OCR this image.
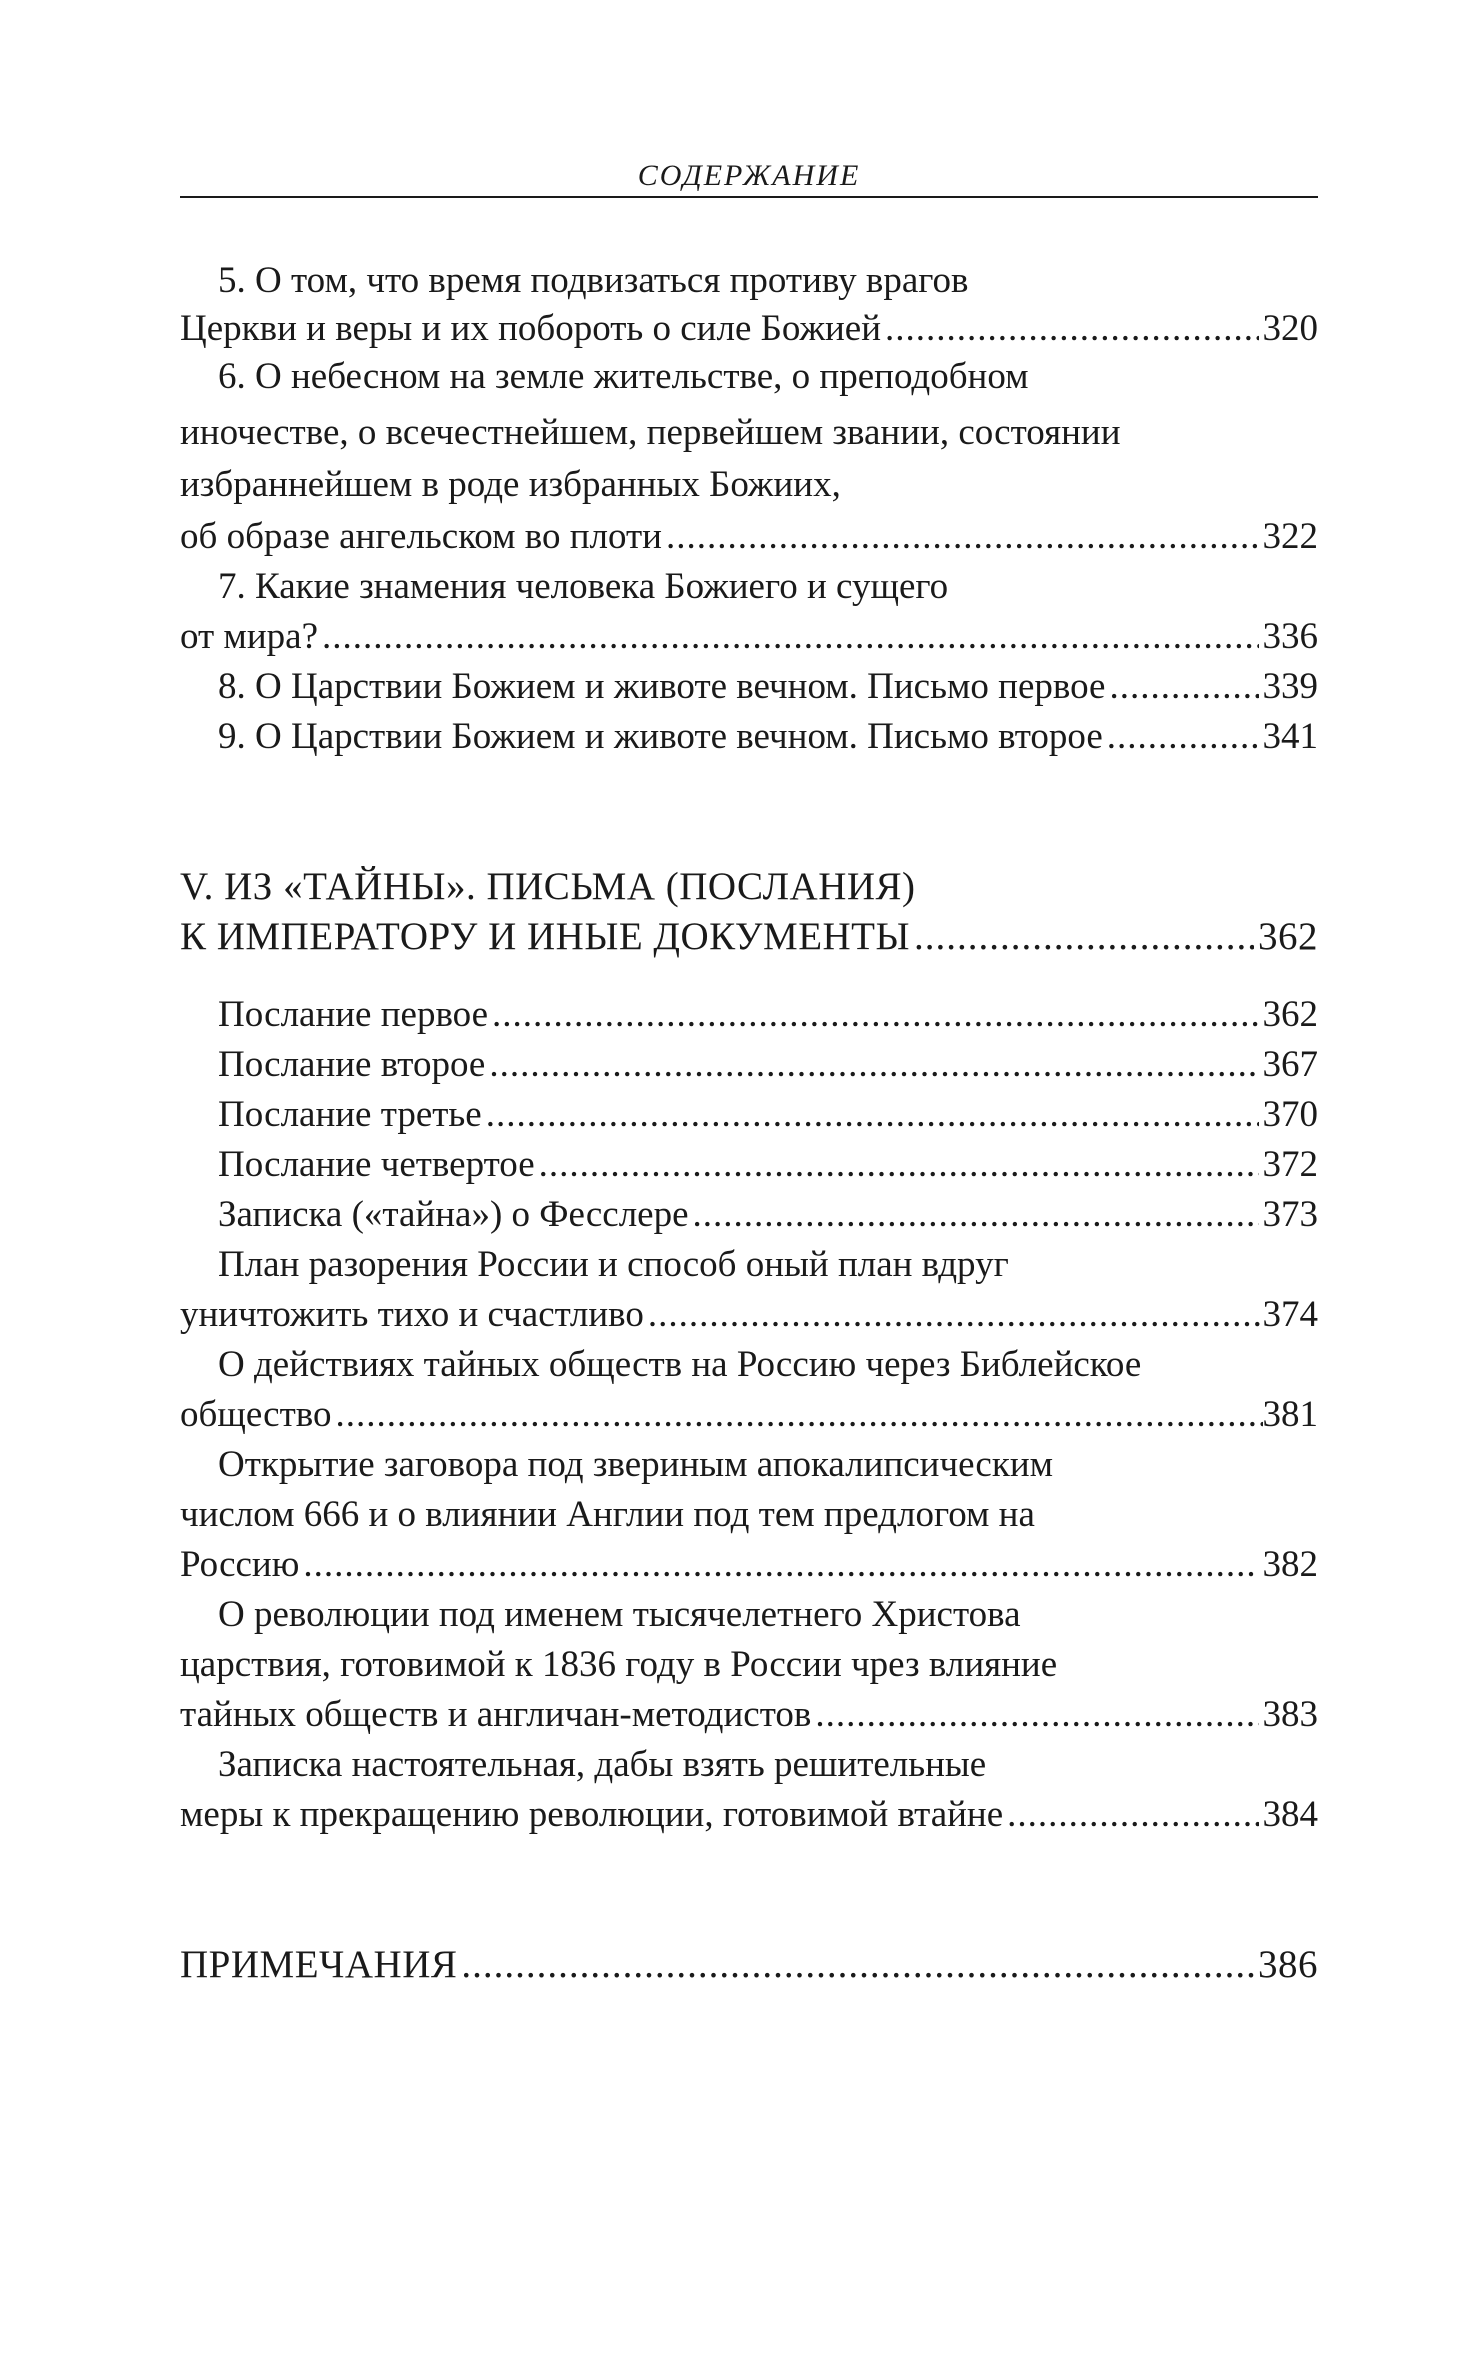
СОДЕРЖАНИЕ
5. О том, что время подвизаться противу врагов
Церкви и веры и их побороть о силе Божией .....	320
6. О небесном на земле жительстве, о преподобном
иночестве, о всечестнейшем, первейшем звании, состоянии
избраннейшем в роде избранных Божиих,
об образе ангельском во плоти .....	322
7. Какие знамения человека Божиего и сущего
от мира? .....	336
8. О Царствии Божием и животе вечном. Письмо первое .....	339
9. О Царствии Божием и животе вечном. Письмо второе .....	341
V. ИЗ «ТАЙНЫ». ПИСЬМА (ПОСЛАНИЯ)
К ИМПЕРАТОРУ И ИНЫЕ ДОКУМЕНТЫ .....	362
Послание первое .....	362
Послание второе .....	367
Послание третье .....	370
Послание четвертое .....	372
Записка («тайна») о Фесслере .....	373
План разорения России и способ оный план вдруг
уничтожить тихо и счастливо .....	374
О действиях тайных обществ на Россию через Библейское
общество .....	381
Открытие заговора под звериным апокалипсическим
числом 666 и о влиянии Англии под тем предлогом на
Россию .....	382
О революции под именем тысячелетнего Христова
царствия, готовимой к 1836 году в России чрез влияние
тайных обществ и англичан-методистов .....	383
Записка настоятельная, дабы взять решительные
меры к прекращению революции, готовимой втайне .....	384
ПРИМЕЧАНИЯ .....	386
